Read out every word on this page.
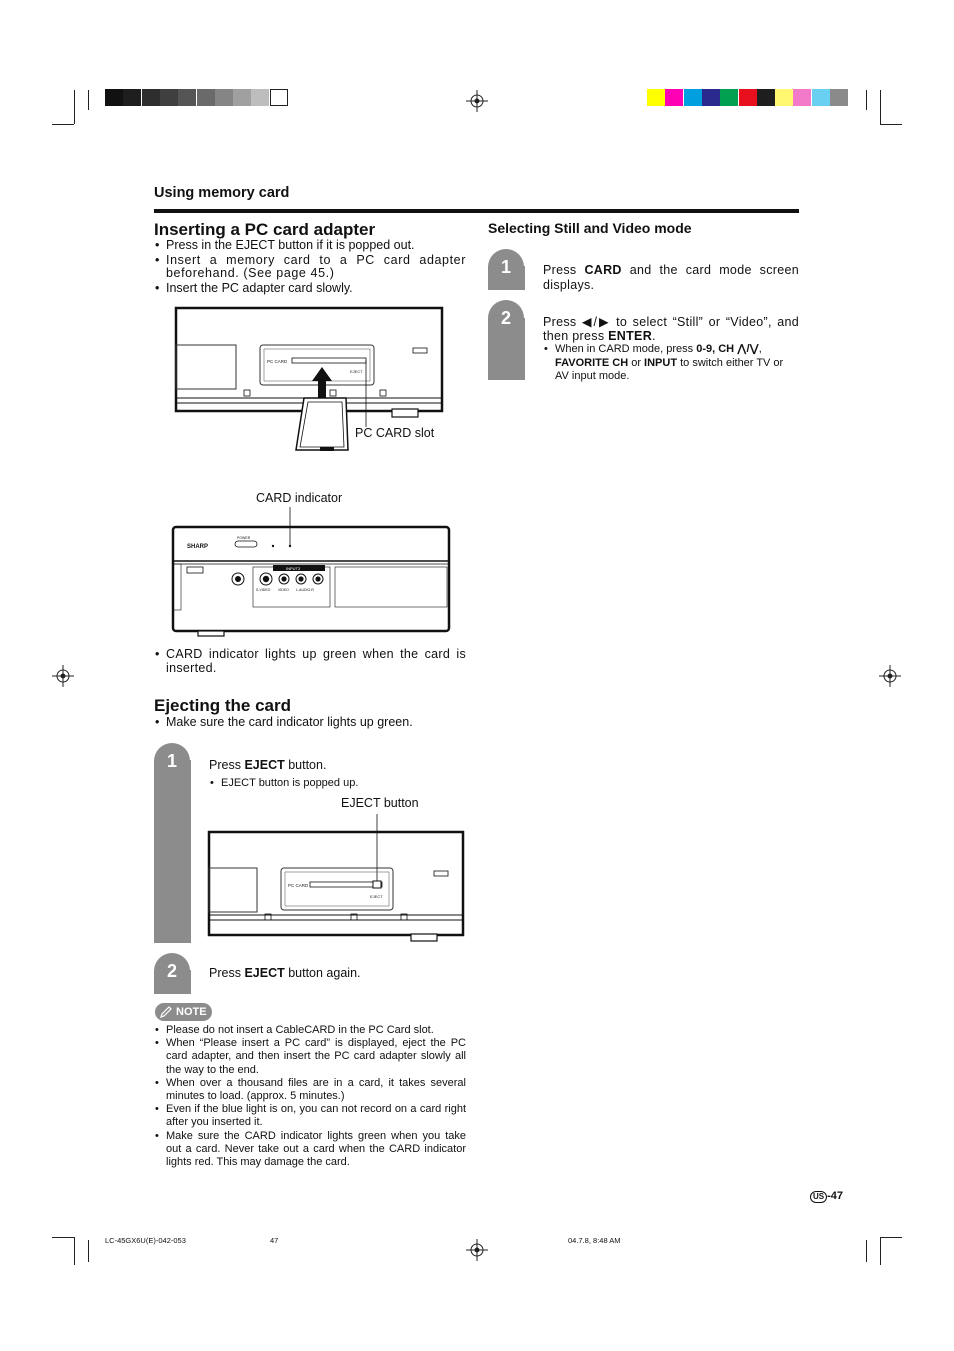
Using memory card
Inserting a PC card adapter
• Press in the EJECT button if it is popped out.
• Insert a memory card to a PC card adapter beforehand. (See page 45.)
• Insert the PC adapter card slowly.
PC CARD
EJECT
PC CARD slot
CARD indicator
SHARP
POWER
INPUT3
S-VIDEO VIDEO L-AUDIO-R
• CARD indicator lights up green when the card is inserted.
Ejecting the card
• Make sure the card indicator lights up green.
1	Press EJECT button.
• EJECT button is popped up.
EJECT button
PC CARD
EJECT
2	Press EJECT button again.
NOTE
• Please do not insert a CableCARD in the PC Card slot.
• When “Please insert a PC card” is displayed, eject the PC card adapter, and then insert the PC card adapter slowly all the way to the end.
• When over a thousand files are in a card, it takes several minutes to load. (approx. 5 minutes.)
• Even if the blue light is on, you can not record on a card right after you inserted it.
• Make sure the CARD indicator lights green when you take out a card. Never take out a card when the CARD indicator lights red. This may damage the card.
Selecting Still and Video mode
1	Press CARD and the card mode screen displays.
2	Press ◀/▶ to select “Still” or “Video”, and then press ENTER.
• When in CARD mode, press 0-9, CH ⋀/⋁, FAVORITE CH or INPUT to switch either TV or AV input mode.
US -47
LC-45GX6U(E)-042-053	47	04.7.8, 8:48 AM
